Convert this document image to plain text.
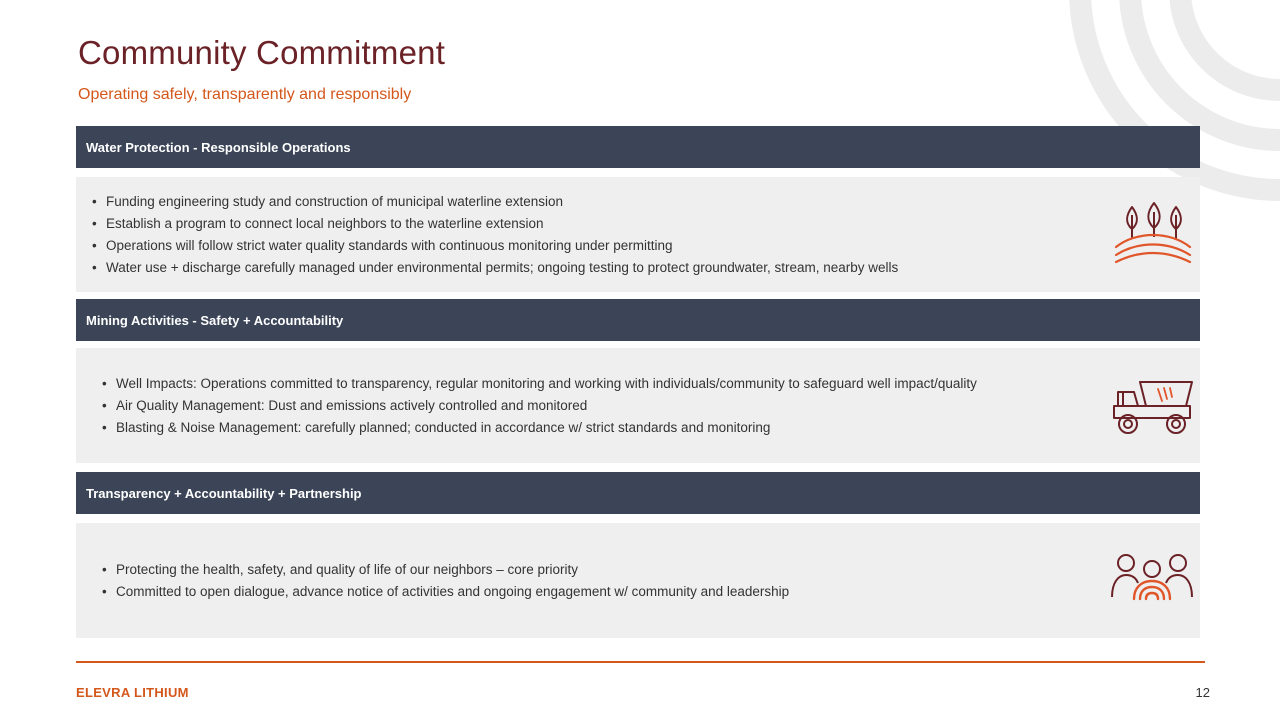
Community Commitment

Operating safely, transparently and responsibly

Water Protection - Responsible Operations
• Funding engineering study and construction of municipal waterline extension
• Establish a program to connect local neighbors to the waterline extension
• Operations will follow strict water quality standards with continuous monitoring under permitting
• Water use + discharge carefully managed under environmental permits; ongoing testing to protect groundwater, stream, nearby wells
Mining Activities - Safety + Accountability
• Well Impacts: Operations committed to transparency, regular monitoring and working with individuals/community to safeguard well impact/quality
• Air Quality Management: Dust and emissions actively controlled and monitored
• Blasting & Noise Management: carefully planned; conducted in accordance w/ strict standards and monitoring
Transparency + Accountability + Partnership
• Protecting the health, safety, and quality of life of our neighbors – core priority
• Committed to open dialogue, advance notice of activities and ongoing engagement w/ community and leadership
ELEVRA LITHIUM	12
